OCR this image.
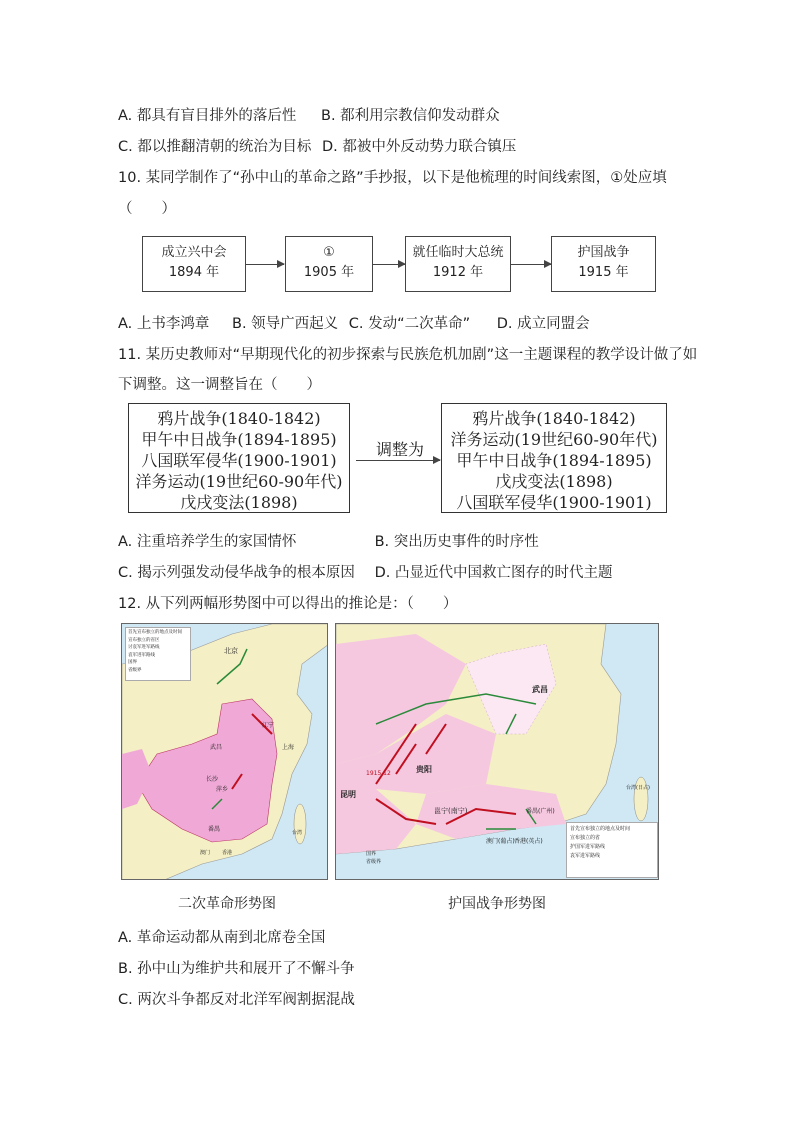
A. 都具有盲目排外的落后性 B. 都利用宗教信仰发动群众
C. 都以推翻清朝的统治为目标 D. 都被中外反动势力联合镇压
10. 某同学制作了“孙中山的革命之路”手抄报，以下是他梳理的时间线索图，①处应填
（　　）
成立兴中会
1894 年
①
1905 年
就任临时大总统
1912 年
护国战争
1915 年
A. 上书李鸿章 B. 领导广西起义 C. 发动“二次革命” D. 成立同盟会
11. 某历史教师对“早期现代化的初步探索与民族危机加剧”这一主题课程的教学设计做了如
下调整。这一调整旨在（　　）
鸦片战争(1840-1842)
甲午中日战争(1894-1895)
八国联军侵华(1900-1901)
洋务运动(19世纪60-90年代)
戊戌变法(1898)
调整为
鸦片战争(1840-1842)
洋务运动(19世纪60-90年代)
甲午中日战争(1894-1895)
戊戌变法(1898)
八国联军侵华(1900-1901)
A. 注重培养学生的家国情怀	B. 突出历史事件的时序性
C. 揭示列强发动侵华战争的根本原因 D. 凸显近代中国救亡图存的时代主题
12. 从下列两幅形势图中可以得出的推论是：（　　）
首先宣布独立的地点及时间
宣布独立的省区
讨袁军进军路线
袁军进军路线
国界
省级界
北京
武昌
长沙
萍乡
江宁
上海
番禺
澳门 香港
台湾
二次革命形势图
首先宣布独立的地点及时间
宣布独立的省
护国军进军路线
袁军进军路线
国界
省级界
武昌
贵阳
昆明
邕宁(南宁)	番禺(广州)
澳门(葡占) 香港(英占)
台湾(日占)
1915.12
护国战争形势图
A. 革命运动都从南到北席卷全国
B. 孙中山为维护共和展开了不懈斗争
C. 两次斗争都反对北洋军阀割据混战
